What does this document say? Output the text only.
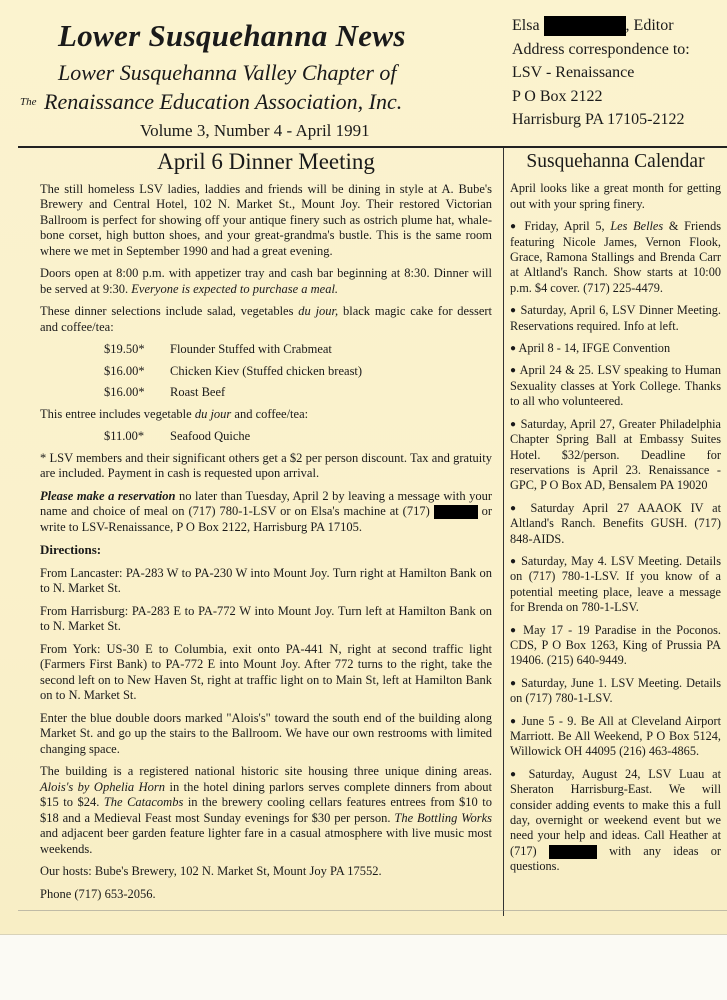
Lower Susquehanna News
Lower Susquehanna Valley Chapter of
The Renaissance Education Association, Inc.
Volume 3, Number 4 - April 1991
Elsa	, Editor
Address correspondence to:
LSV - Renaissance
P O Box 2122
Harrisburg PA 17105-2122
April 6 Dinner Meeting

The still homeless LSV ladies, laddies and friends will be dining in style at A. Bube's Brewery and Central Hotel, 102 N. Market St., Mount Joy. Their restored Victorian Ballroom is perfect for showing off your antique finery such as ostrich plume hat, whale-bone corset, high button shoes, and your great-grandma's bustle. This is the same room where we met in September 1990 and had a great evening.

Doors open at 8:00 p.m. with appetizer tray and cash bar beginning at 8:30. Dinner will be served at 9:30. Everyone is expected to purchase a meal.

These dinner selections include salad, vegetables du jour, black magic cake for dessert and coffee/tea:

$19.50*	Flounder Stuffed with Crabmeat
$16.00*	Chicken Kiev (Stuffed chicken breast)
$16.00*	Roast Beef

This entree includes vegetable du jour and coffee/tea:

$11.00*	Seafood Quiche

* LSV members and their significant others get a $2 per person discount. Tax and gratuity are included. Payment in cash is requested upon arrival.

Please make a reservation no later than Tuesday, April 2 by leaving a message with your name and choice of meal on (717) 780-1-LSV or on Elsa's machine at (717)	or write to LSV-Renaissance, P O Box 2122, Harrisburg PA 17105.

Directions:

From Lancaster: PA-283 W to PA-230 W into Mount Joy. Turn right at Hamilton Bank on to N. Market St.

From Harrisburg: PA-283 E to PA-772 W into Mount Joy. Turn left at Hamilton Bank on to N. Market St.

From York: US-30 E to Columbia, exit onto PA-441 N, right at second traffic light (Farmers First Bank) to PA-772 E into Mount Joy. After 772 turns to the right, take the second left on to New Haven St, right at traffic light on to Main St, left at Hamilton Bank on to N. Market St.

Enter the blue double doors marked "Alois's" toward the south end of the building along Market St. and go up the stairs to the Ballroom. We have our own restrooms with limited changing space.

The building is a registered national historic site housing three unique dining areas. Alois's by Ophelia Horn in the hotel dining parlors serves complete dinners from about $15 to $24. The Catacombs in the brewery cooling cellars features entrees from $10 to $18 and a Medieval Feast most Sunday evenings for $30 per person. The Bottling Works and adjacent beer garden feature lighter fare in a casual atmosphere with live music most weekends.

Our hosts: Bube's Brewery, 102 N. Market St, Mount Joy PA 17552.

Phone (717) 653-2056.

Susquehanna Calendar

April looks like a great month for getting out with your spring finery.

● Friday, April 5, Les Belles & Friends featuring Nicole James, Vernon Flook, Grace, Ramona Stallings and Brenda Carr at Altland's Ranch. Show starts at 10:00 p.m. $4 cover. (717) 225-4479.

● Saturday, April 6, LSV Dinner Meeting. Reservations required. Info at left.

● April 8 - 14, IFGE Convention

● April 24 & 25. LSV speaking to Human Sexuality classes at York College. Thanks to all who volunteered.

● Saturday, April 27, Greater Philadelphia Chapter Spring Ball at Embassy Suites Hotel. $32/person. Deadline for reservations is April 23. Renaissance - GPC, P O Box AD, Bensalem PA 19020

● Saturday April 27 AAAOK IV at Altland's Ranch. Benefits GUSH. (717) 848-AIDS.

● Saturday, May 4. LSV Meeting. Details on (717) 780-1-LSV. If you know of a potential meeting place, leave a message for Brenda on 780-1-LSV.

● May 17 - 19 Paradise in the Poconos. CDS, P O Box 1263, King of Prussia PA 19406. (215) 640-9449.

● Saturday, June 1. LSV Meeting. Details on (717) 780-1-LSV.

● June 5 - 9. Be All at Cleveland Airport Marriott. Be All Weekend, P O Box 5124, Willowick OH 44095 (216) 463-4865.

● Saturday, August 24, LSV Luau at Sheraton Harrisburg-East. We will consider adding events to make this a full day, overnight or weekend event but we need your help and ideas. Call Heather at (717)	with any ideas or questions.
